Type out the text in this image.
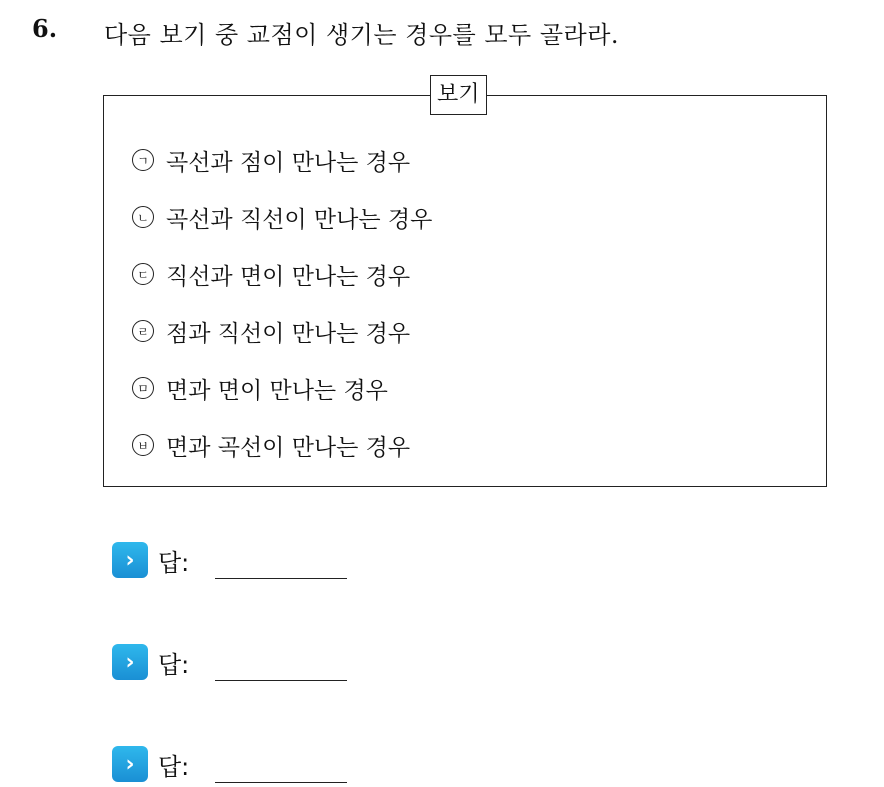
6. 다음 보기 중 교점이 생기는 경우를 모두 골라라.
보기
ㄱ 곡선과 점이 만나는 경우
ㄴ 곡선과 직선이 만나는 경우
ㄷ 직선과 면이 만나는 경우
ㄹ 점과 직선이 만나는 경우
ㅁ 면과 면이 만나는 경우
ㅂ 면과 곡선이 만나는 경우
› 답:
› 답:
› 답:
